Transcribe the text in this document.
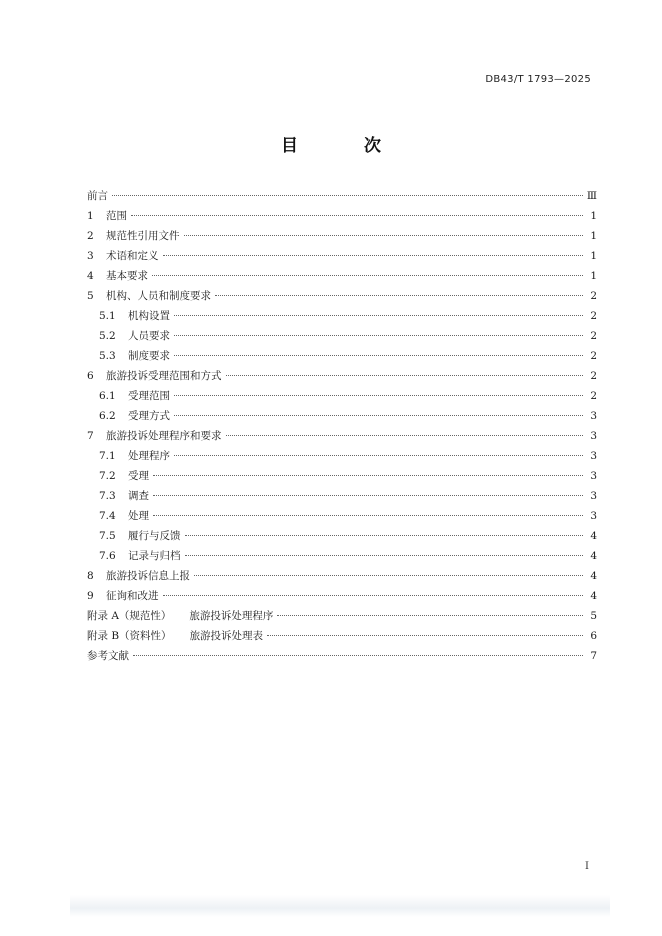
DB43/T 1793—2025
目 次
前言	Ⅲ
1	范围	1
2	规范性引用文件	1
3	术语和定义	1
4	基本要求	1
5	机构、人员和制度要求	2
5.1	机构设置	2
5.2	人员要求	2
5.3	制度要求	2
6	旅游投诉受理范围和方式	2
6.1	受理范围	2
6.2	受理方式	3
7	旅游投诉处理程序和要求	3
7.1	处理程序	3
7.2	受理	3
7.3	调查	3
7.4	处理	3
7.5	履行与反馈	4
7.6	记录与归档	4
8	旅游投诉信息上报	4
9	征询和改进	4
附录 A（规范性） 旅游投诉处理程序	5
附录 B（资料性） 旅游投诉处理表	6
参考文献	7
I
